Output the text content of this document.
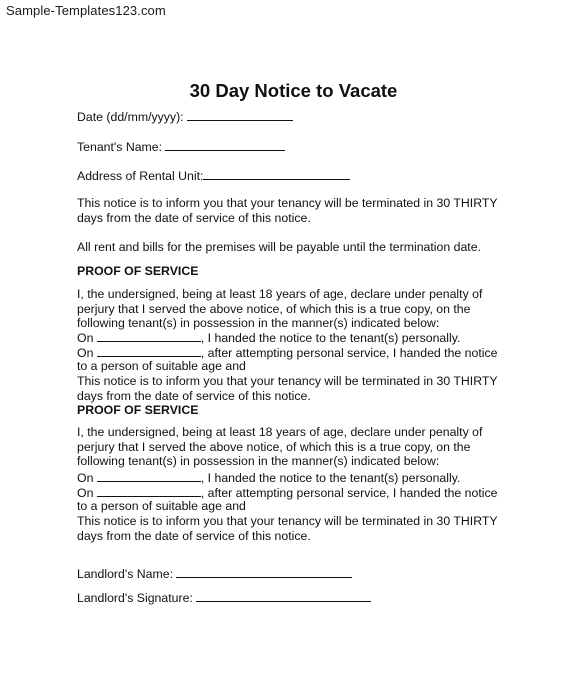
Sample-Templates123.com
30 Day Notice to Vacate
Date (dd/mm/yyyy):
Tenant's Name:
Address of Rental Unit:
This notice is to inform you that your tenancy will be terminated in 30 THIRTY
days from the date of service of this notice.
All rent and bills for the premises will be payable until the termination date.
PROOF OF SERVICE
I, the undersigned, being at least 18 years of age, declare under penalty of
perjury that I served the above notice, of which this is a true copy, on the
following tenant(s) in possession in the manner(s) indicated below:
On	, I handed the notice to the tenant(s) personally.
On	, after attempting personal service, I handed the notice
to a person of suitable age and
This notice is to inform you that your tenancy will be terminated in 30 THIRTY
days from the date of service of this notice.
PROOF OF SERVICE
I, the undersigned, being at least 18 years of age, declare under penalty of
perjury that I served the above notice, of which this is a true copy, on the
following tenant(s) in possession in the manner(s) indicated below:
On	, I handed the notice to the tenant(s) personally.
On	, after attempting personal service, I handed the notice
to a person of suitable age and
This notice is to inform you that your tenancy will be terminated in 30 THIRTY
days from the date of service of this notice.
Landlord's Name:
Landlord's Signature:
